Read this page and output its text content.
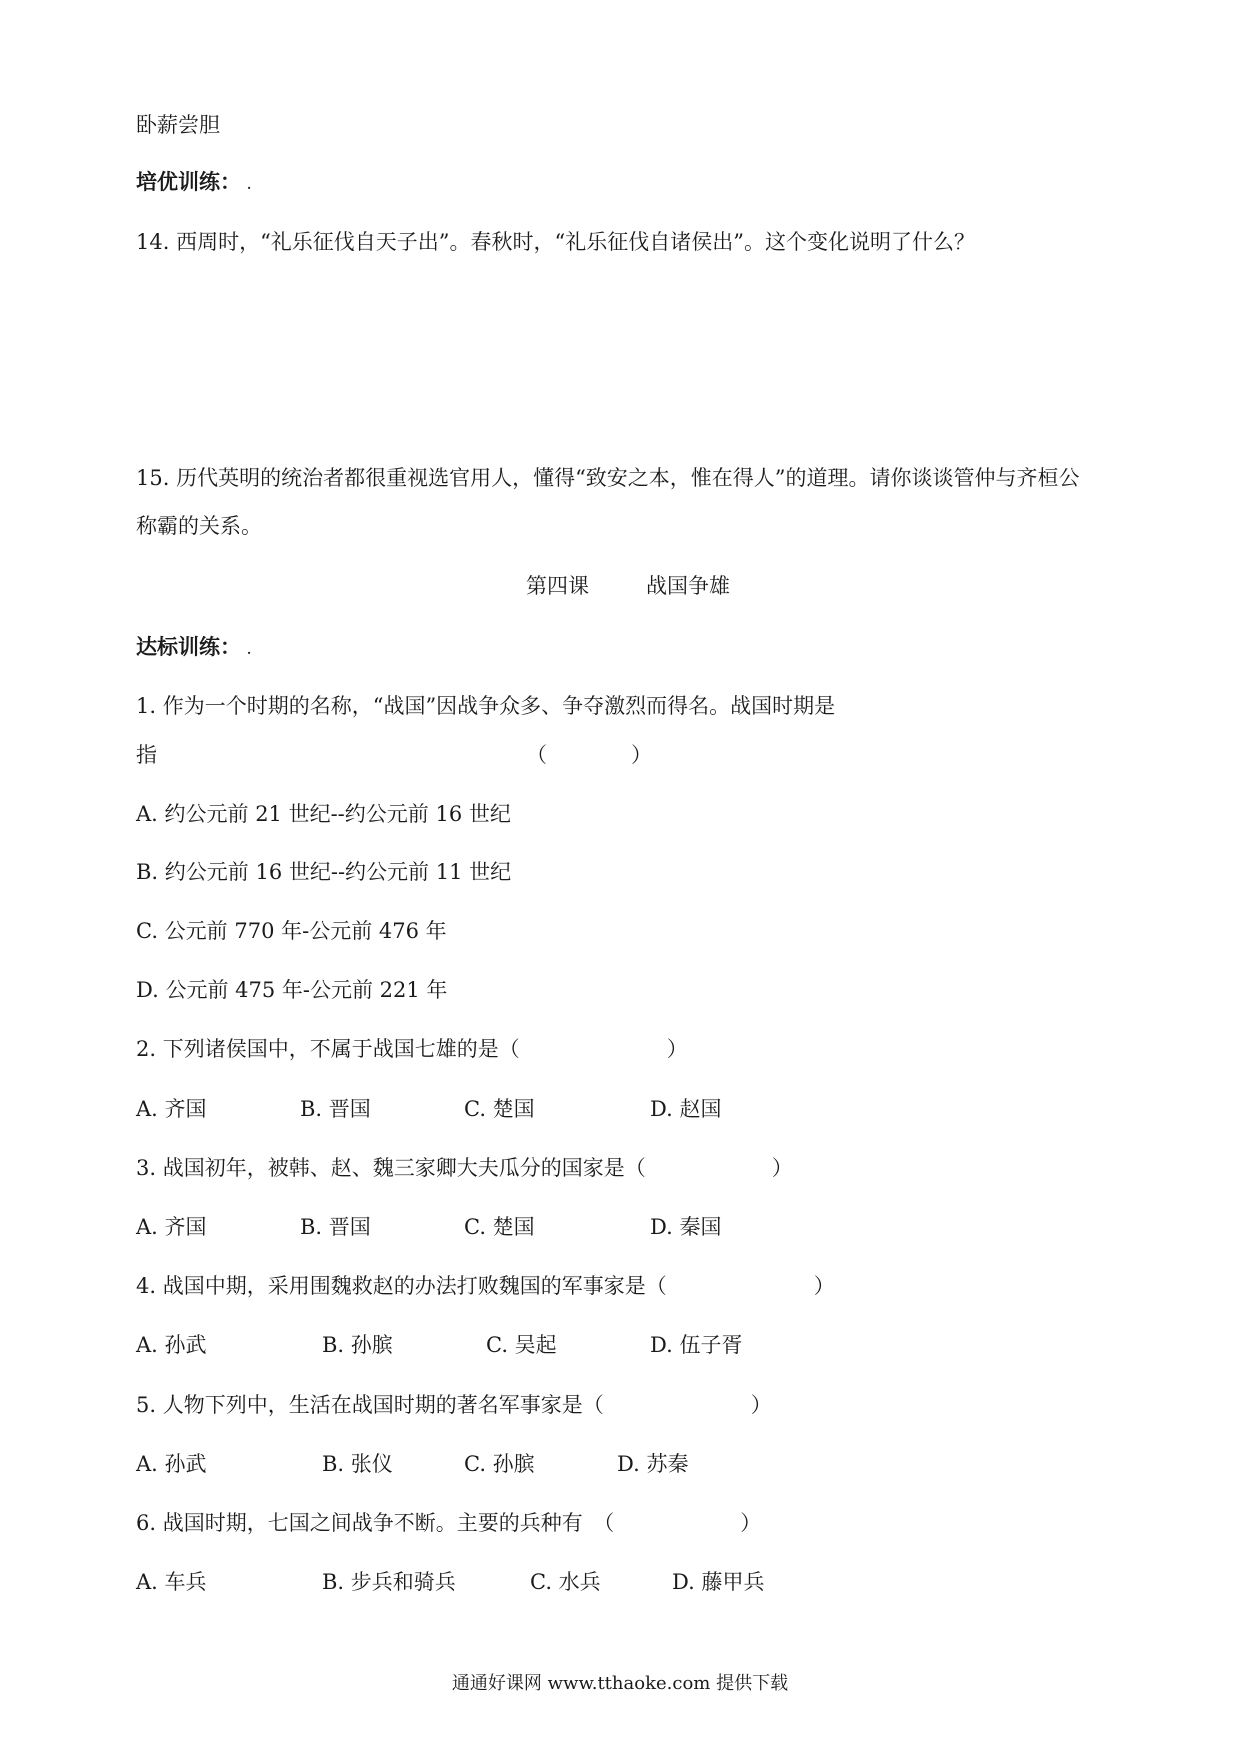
卧薪尝胆
培优训练： .
14. 西周时，“礼乐征伐自天子出”。春秋时，“礼乐征伐自诸侯出”。这个变化说明了什么？
15. 历代英明的统治者都很重视选官用人，懂得“致安之本，惟在得人”的道理。请你谈谈管仲与齐桓公
称霸的关系。
第四课	战国争雄
达标训练： .
1. 作为一个时期的名称，“战国”因战争众多、争夺激烈而得名。战国时期是
指	（　　　　）
A. 约公元前 21 世纪--约公元前 16 世纪
B. 约公元前 16 世纪--约公元前 11 世纪
C. 公元前 770 年-公元前 476 年
D. 公元前 475 年-公元前 221 年
2. 下列诸侯国中，不属于战国七雄的是（　　　　　　　）
A. 齐国	B. 晋国	C. 楚国	D. 赵国
3. 战国初年，被韩、赵、魏三家卿大夫瓜分的国家是（　　　　　　）
A. 齐国	B. 晋国	C. 楚国	D. 秦国
4. 战国中期，采用围魏救赵的办法打败魏国的军事家是（　　　　　　　）
A. 孙武	B. 孙膑	C. 吴起	D. 伍子胥
5. 人物下列中，生活在战国时期的著名军事家是（　　　　　　　）
A. 孙武	B. 张仪	C. 孙膑	D. 苏秦
6. 战国时期，七国之间战争不断。主要的兵种有　（　　　　　　）
A. 车兵	B. 步兵和骑兵	C. 水兵	D. 藤甲兵
通通好课网 www.tthaoke.com 提供下载
